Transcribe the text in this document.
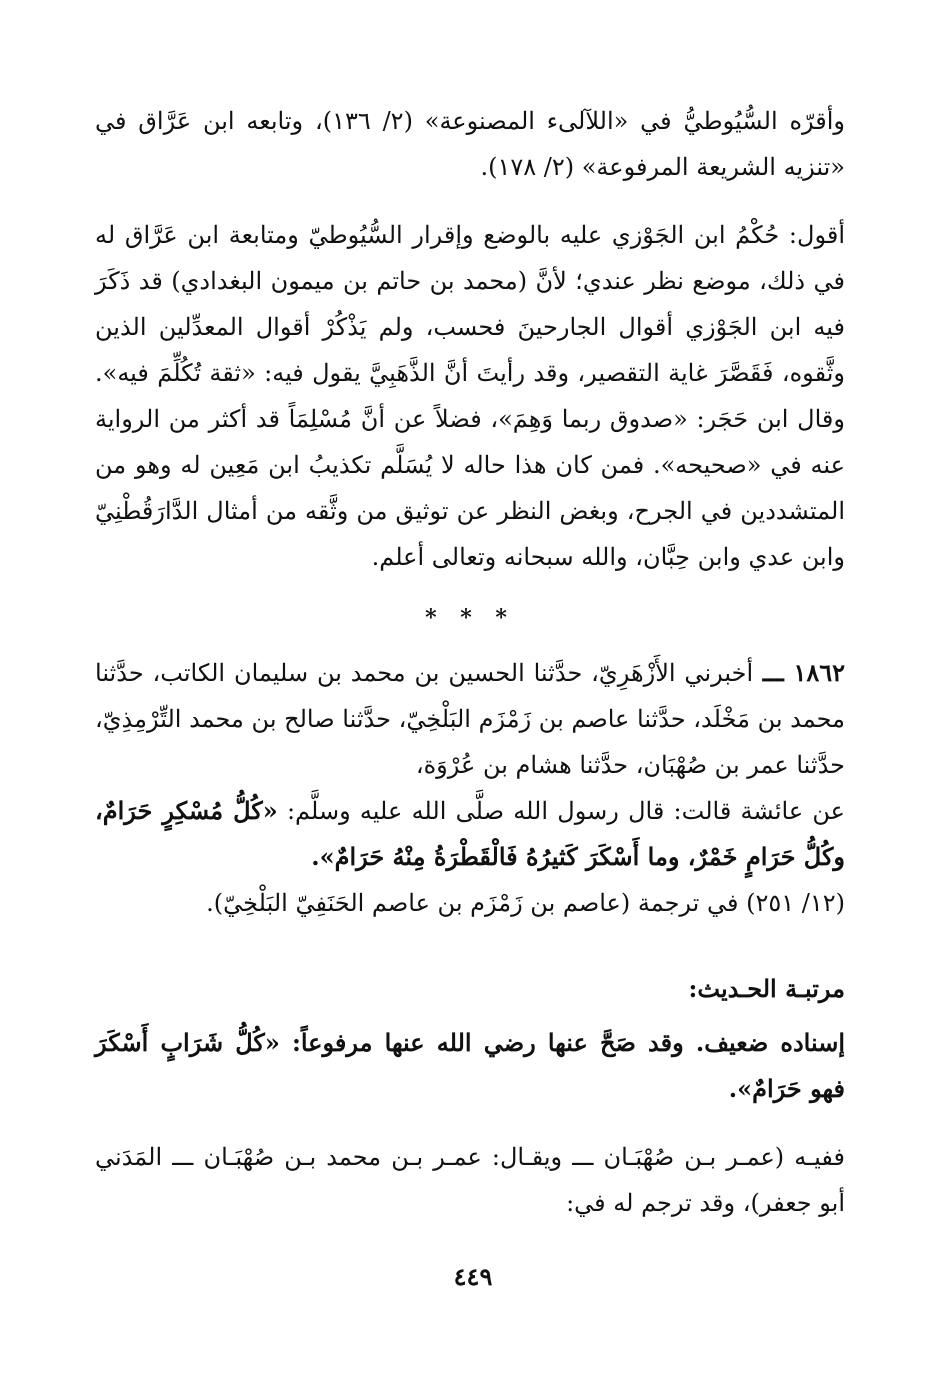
وأقرّه السُّيُوطيُّ في «اللآلىء المصنوعة» (٢/ ١٣٦)، وتابعه ابن عَرَّاق في «تنزيه الشريعة المرفوعة» (٢/ ١٧٨).

أقول: حُكْمُ ابن الجَوْزي عليه بالوضع وإقرار السُّيُوطيّ ومتابعة ابن عَرَّاق له في ذلك، موضع نظر عندي؛ لأنَّ (محمد بن حاتم بن ميمون البغدادي) قد ذَكَرَ فيه ابن الجَوْزي أقوال الجارحينَ فحسب، ولم يَذْكُرْ أقوال المعدِّلين الذين وثَّقوه، فَقَصَّرَ غاية التقصير، وقد رأيتَ أنَّ الذَّهَبِيَّ يقول فيه: «ثقة تُكُلِّمَ فيه». وقال ابن حَجَر: «صدوق ربما وَهِمَ»، فضلاً عن أنَّ مُسْلِمَاً قد أكثر من الرواية عنه في «صحيحه». فمن كان هذا حاله لا يُسَلَّم تكذيبُ ابن مَعِين له وهو من المتشددين في الجرح، وبغض النظر عن توثيق من وثَّقه من أمثال الدَّارَقُطْنِيّ وابن عدي وابن حِبَّان، والله سبحانه وتعالى أعلم.

* * *

١٨٦٢ ـــ أخبرني الأَزْهَرِيّ، حدَّثنا الحسين بن محمد بن سليمان الكاتب، حدَّثنا محمد بن مَخْلَد، حدَّثنا عاصم بن زَمْزَم البَلْخِيّ، حدَّثنا صالح بن محمد التِّرْمِذِيّ، حدَّثنا عمر بن صُهْبَان، حدَّثنا هشام بن عُرْوَة،

عن عائشة قالت: قال رسول الله صلَّى الله عليه وسلَّم: «كُلُّ مُسْكِرٍ حَرَامٌ، وكُلُّ حَرَامٍ خَمْرٌ، وما أَسْكَرَ كَثيرُهُ فَالْقَطْرَةُ مِنْهُ حَرَامٌ».

(١٢/ ٢٥١) في ترجمة (عاصم بن زَمْزَم بن عاصم الحَنَفِيّ البَلْخِيّ).

مرتبـة الحـديث:

إسناده ضعيف. وقد صَحَّ عنها رضي الله عنها مرفوعاً: «كُلُّ شَرَابٍ أَسْكَرَ فهو حَرَامٌ».

ففيـه (عمـر بـن صُهْبَـان ـــ ويقـال: عمـر بـن محمد بـن صُهْبَـان ـــ المَدَني أبو جعفر)، وقد ترجم له في:

٤٤٩
